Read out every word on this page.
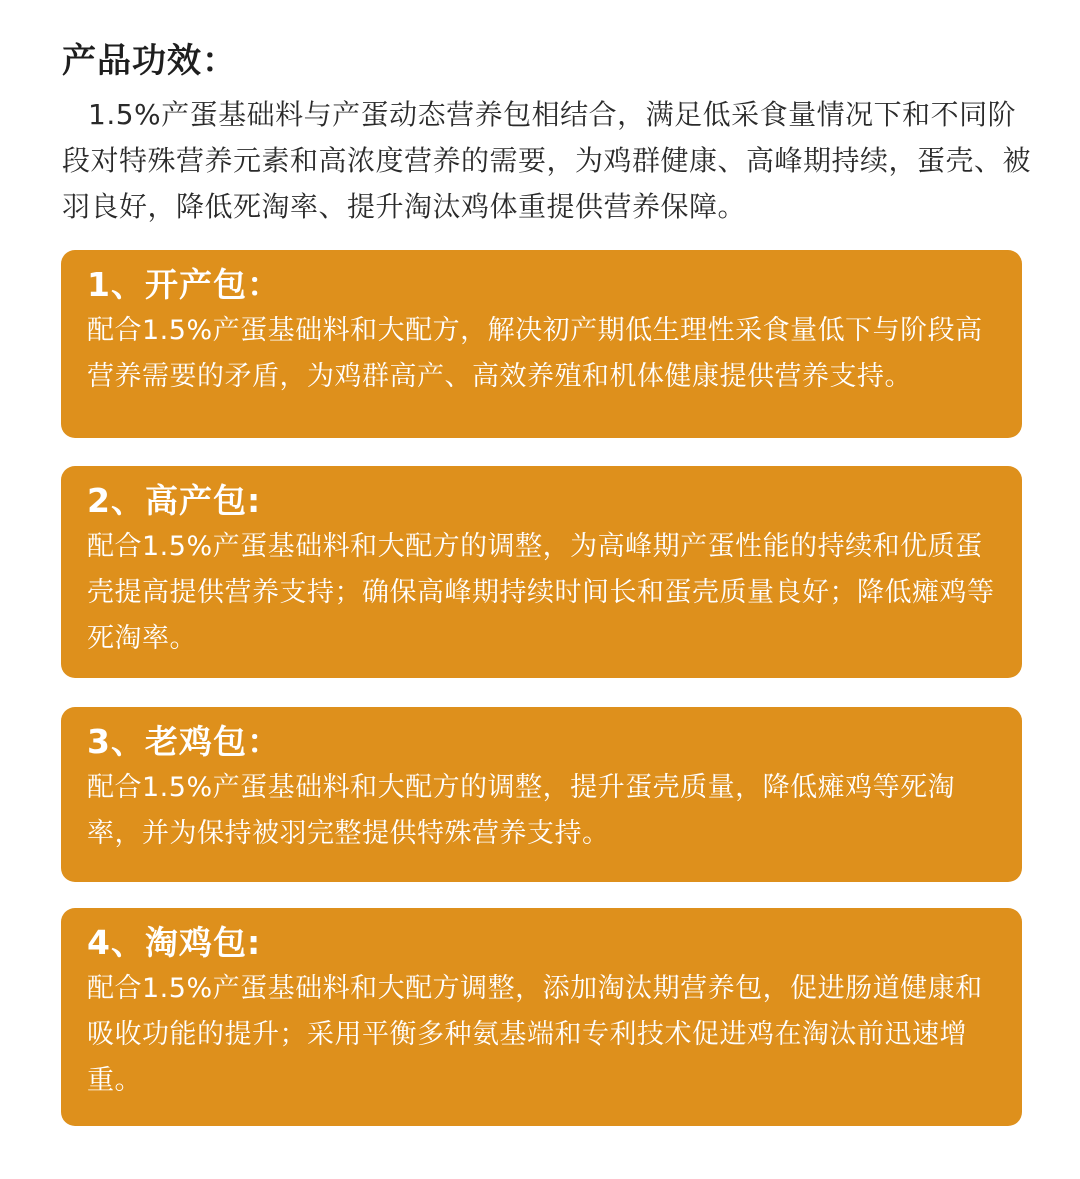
产品功效：
1.5%产蛋基础料与产蛋动态营养包相结合，满足低采食量情况下和不同阶段对特殊营养元素和高浓度营养的需要，为鸡群健康、高峰期持续，蛋壳、被羽良好，降低死淘率、提升淘汰鸡体重提供营养保障。
1、开产包：
配合1.5%产蛋基础料和大配方，解决初产期低生理性采食量低下与阶段高营养需要的矛盾，为鸡群高产、高效养殖和机体健康提供营养支持。
2、高产包:
配合1.5%产蛋基础料和大配方的调整，为高峰期产蛋性能的持续和优质蛋壳提高提供营养支持；确保高峰期持续时间长和蛋壳质量良好；降低瘫鸡等死淘率。
3、老鸡包：
配合1.5%产蛋基础料和大配方的调整，提升蛋壳质量，降低瘫鸡等死淘率，并为保持被羽完整提供特殊营养支持。
4、淘鸡包:
配合1.5%产蛋基础料和大配方调整，添加淘汰期营养包，促进肠道健康和吸收功能的提升；采用平衡多种氨基端和专利技术促进鸡在淘汰前迅速增重。
